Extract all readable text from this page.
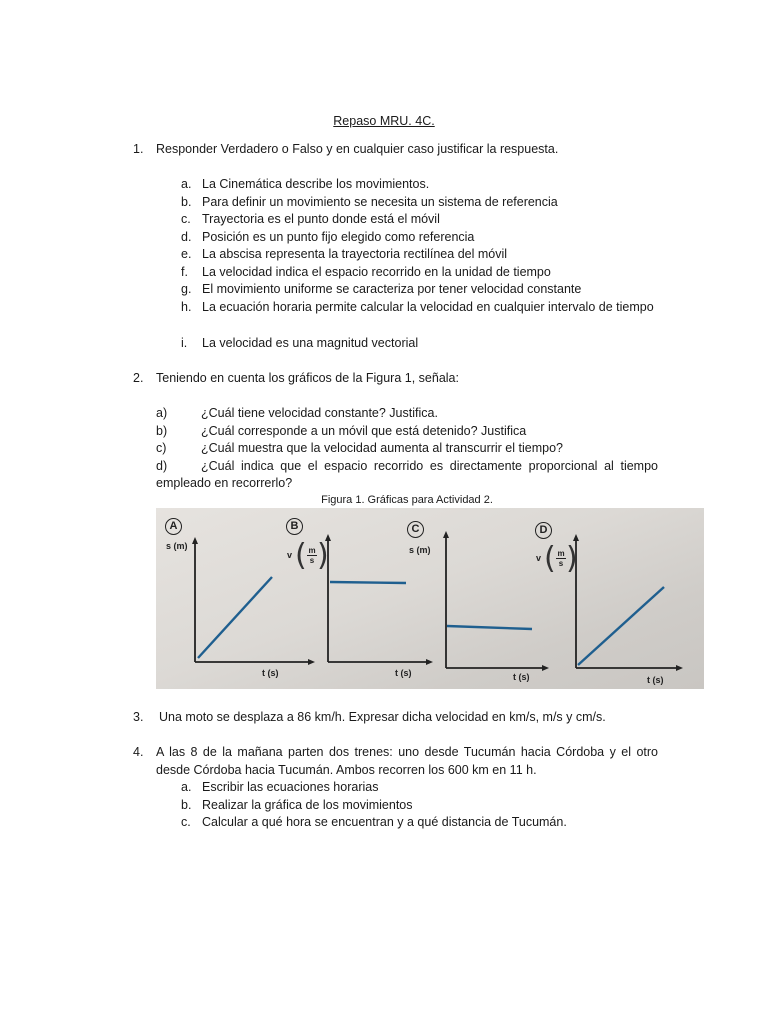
Repaso MRU. 4C.
1. Responder Verdadero o Falso y en cualquier caso justificar la respuesta.
a. La Cinemática describe los movimientos.
b. Para definir un movimiento se necesita un sistema de referencia
c. Trayectoria es el punto donde está el móvil
d. Posición es un punto fijo elegido como referencia
e. La abscisa representa la trayectoria rectilínea del móvil
f. La velocidad indica el espacio recorrido en la unidad de tiempo
g. El movimiento uniforme se caracteriza por tener velocidad constante
h. La ecuación horaria permite calcular la velocidad en cualquier intervalo de tiempo
i. La velocidad es una magnitud vectorial
2. Teniendo en cuenta los gráficos de la Figura 1, señala:
a)	¿Cuál tiene velocidad constante? Justifica.
b)	¿Cuál corresponde a un móvil que está detenido? Justifica
c)	¿Cuál muestra que la velocidad aumenta al transcurrir el tiempo?
d)	¿Cuál indica que el espacio recorrido es directamente proporcional al tiempo
empleado en recorrerlo?
Figura 1. Gráficas para Actividad 2.
A
s (m)
t (s)
B
v ( $\frac{m}{s}$ )
t (s)
C
s (m)
t (s)
D
v ( $\frac{m}{s}$ )
t (s)
3. Una moto se desplaza a 86 km/h. Expresar dicha velocidad en km/s, m/s y cm/s.
4. A las 8 de la mañana parten dos trenes: uno desde Tucumán hacia Córdoba y el otro
desde Córdoba hacia Tucumán. Ambos recorren los 600 km en 11 h.
a. Escribir las ecuaciones horarias
b. Realizar la gráfica de los movimientos
c. Calcular a qué hora se encuentran y a qué distancia de Tucumán.
